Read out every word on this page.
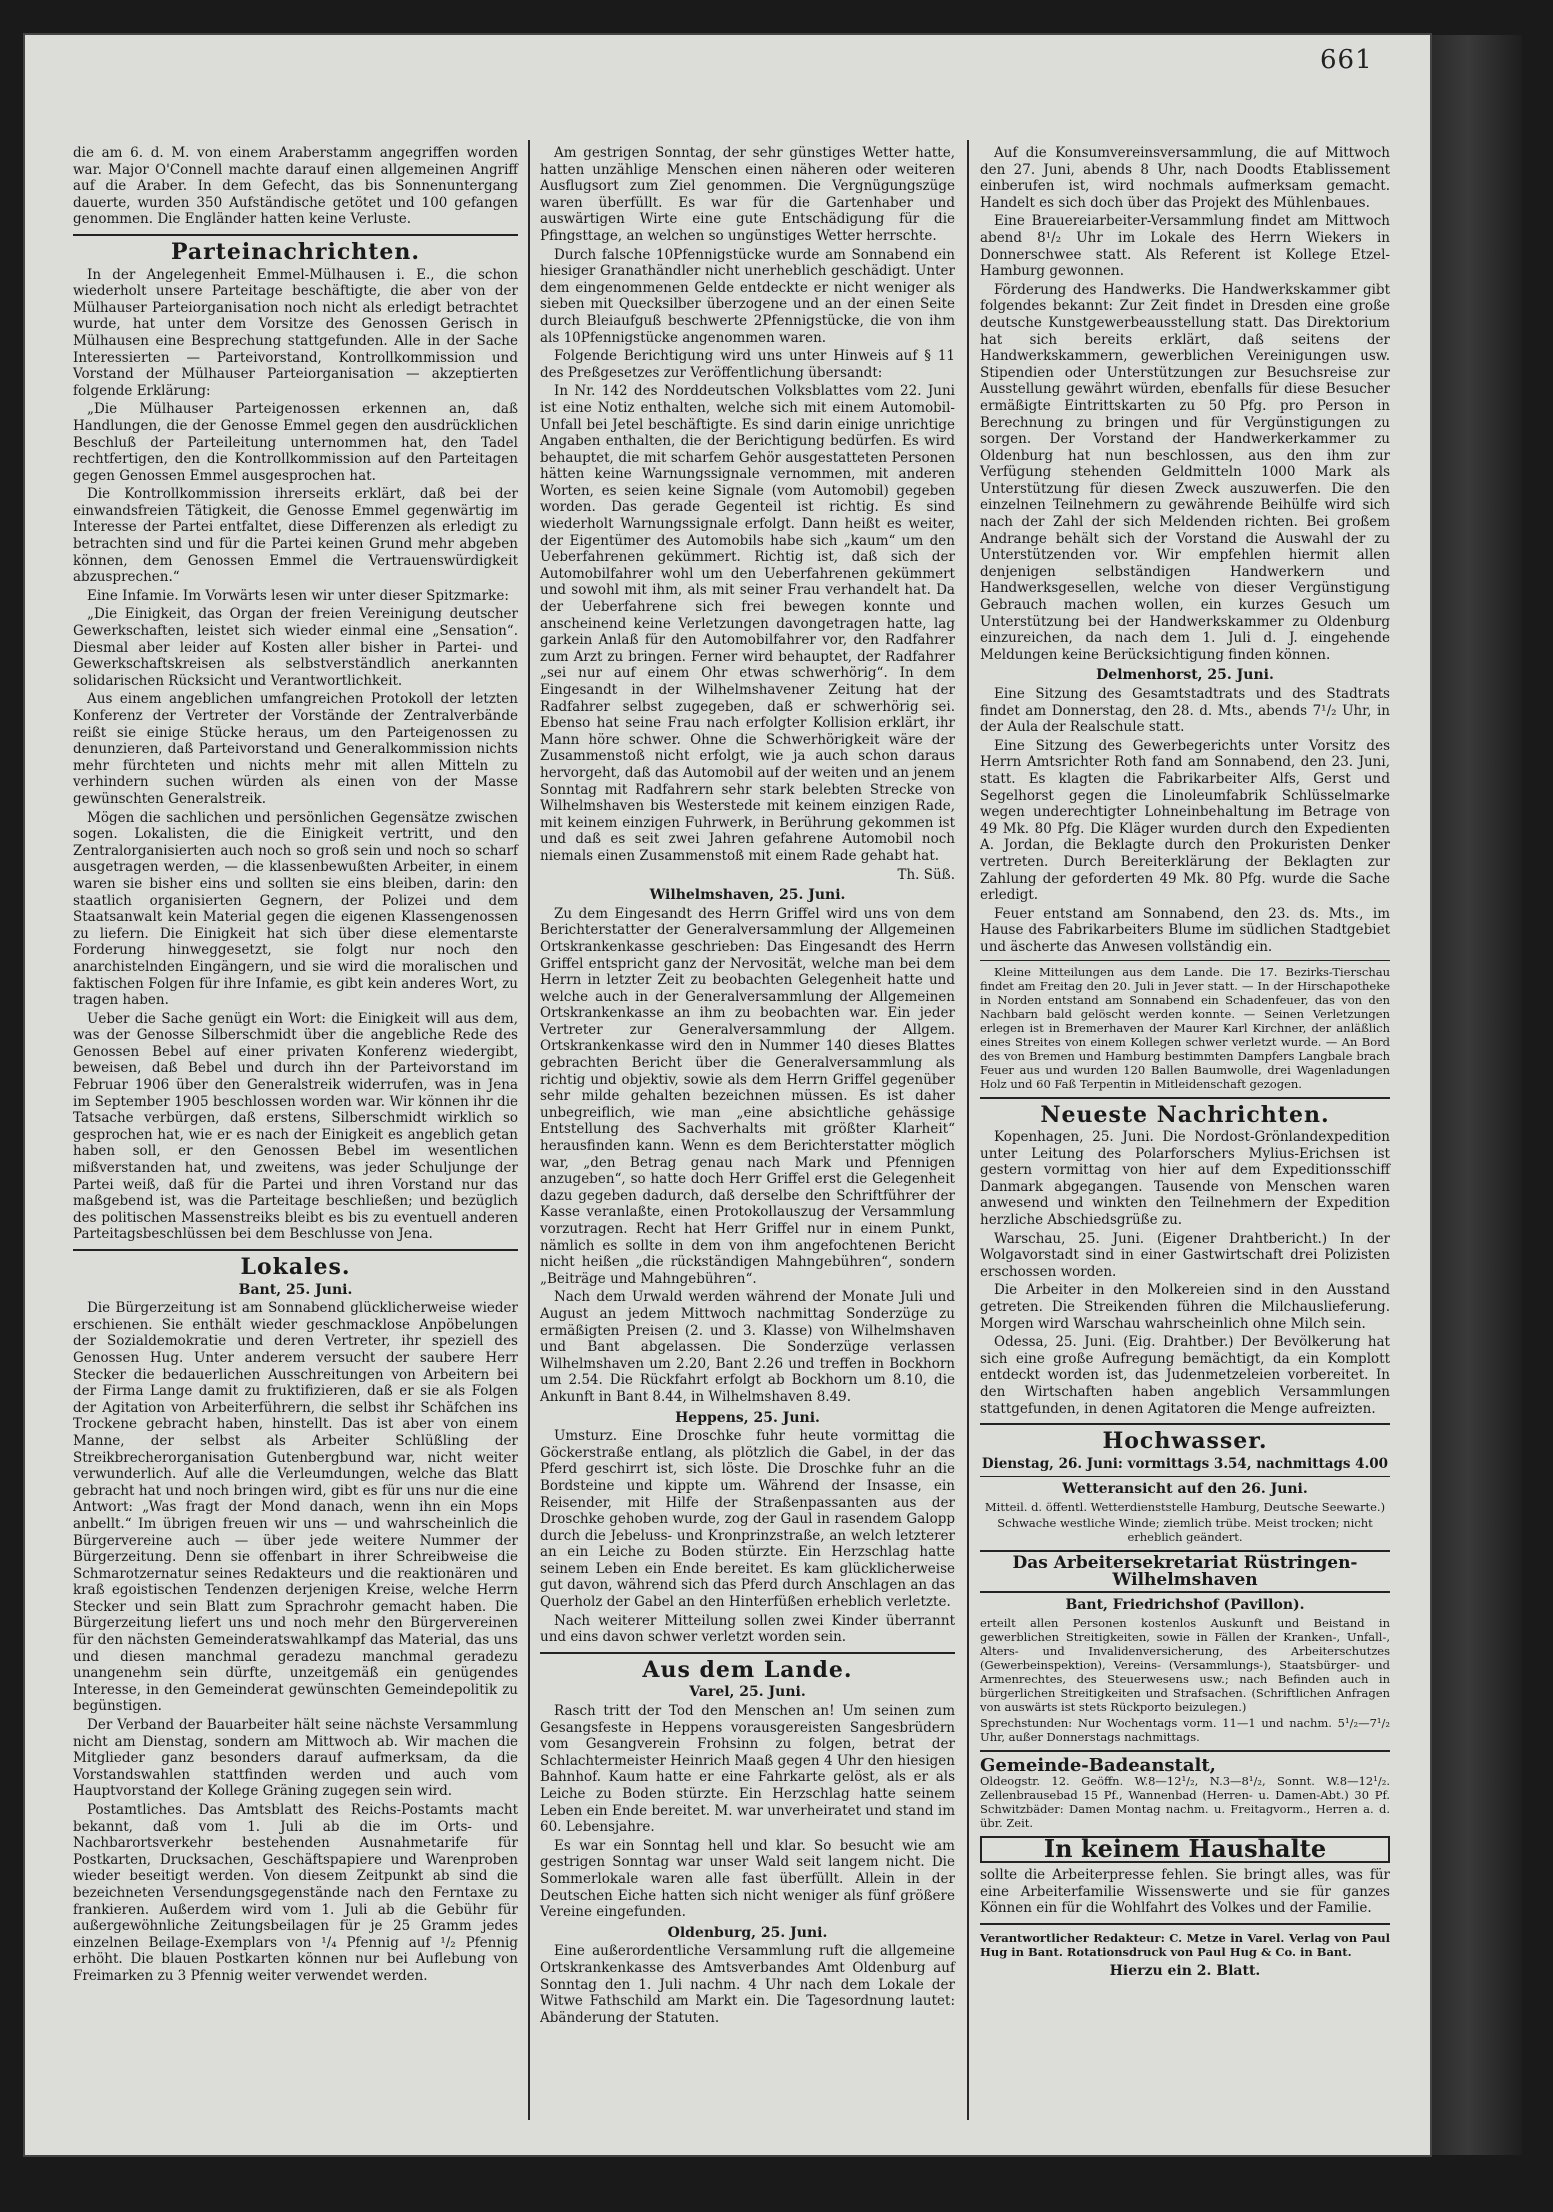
die am 6. d. M. von einem Araberstamm angegriffen worden war. Major O'Connell machte darauf einen allgemeinen Angriff auf die Araber. In dem Gefecht, das bis Sonnenuntergang dauerte, wurden 350 Aufständische getötet und 100 gefangen genommen. Die Engländer hatten keine Verluste.

Parteinachrichten.

In der Angelegenheit Emmel-Mülhausen i. E., die schon wiederholt unsere Parteitage beschäftigte, die aber von der Mülhauser Parteiorganisation noch nicht als erledigt betrachtet wurde, hat unter dem Vorsitze des Genossen Gerisch in Mülhausen eine Besprechung stattgefunden. Alle in der Sache Interessierten — Parteivorstand, Kontrollkommission und Vorstand der Mülhauser Parteiorganisation — akzeptierten folgende Erklärung:

„Die Mülhauser Parteigenossen erkennen an, daß Handlungen, die der Genosse Emmel gegen den ausdrücklichen Beschluß der Parteileitung unternommen hat, den Tadel rechtfertigen, den die Kontrollkommission auf den Parteitagen gegen Genossen Emmel ausgesprochen hat.

Die Kontrollkommission ihrerseits erklärt, daß bei der einwandsfreien Tätigkeit, die Genosse Emmel gegenwärtig im Interesse der Partei entfaltet, diese Differenzen als erledigt zu betrachten sind und für die Partei keinen Grund mehr abgeben können, dem Genossen Emmel die Vertrauenswürdigkeit abzusprechen.“

Eine Infamie. Im Vorwärts lesen wir unter dieser Spitzmarke:

„Die Einigkeit, das Organ der freien Vereinigung deutscher Gewerkschaften, leistet sich wieder einmal eine „Sensation“. Diesmal aber leider auf Kosten aller bisher in Partei- und Gewerkschaftskreisen als selbstverständlich anerkannten solidarischen Rücksicht und Verantwortlichkeit.

Aus einem angeblichen umfangreichen Protokoll der letzten Konferenz der Vertreter der Vorstände der Zentralverbände reißt sie einige Stücke heraus, um den Parteigenossen zu denunzieren, daß Parteivorstand und Generalkommission nichts mehr fürchteten und nichts mehr mit allen Mitteln zu verhindern suchen würden als einen von der Masse gewünschten Generalstreik.

Mögen die sachlichen und persönlichen Gegensätze zwischen sogen. Lokalisten, die die Einigkeit vertritt, und den Zentralorganisierten auch noch so groß sein und noch so scharf ausgetragen werden, — die klassenbewußten Arbeiter, in einem waren sie bisher eins und sollten sie eins bleiben, darin: den staatlich organisierten Gegnern, der Polizei und dem Staatsanwalt kein Material gegen die eigenen Klassengenossen zu liefern. Die Einigkeit hat sich über diese elementarste Forderung hinweggesetzt, sie folgt nur noch den anarchistelnden Eingängern, und sie wird die moralischen und faktischen Folgen für ihre Infamie, es gibt kein anderes Wort, zu tragen haben.

Ueber die Sache genügt ein Wort: die Einigkeit will aus dem, was der Genosse Silberschmidt über die angebliche Rede des Genossen Bebel auf einer privaten Konferenz wiedergibt, beweisen, daß Bebel und durch ihn der Parteivorstand im Februar 1906 über den Generalstreik widerrufen, was in Jena im September 1905 beschlossen worden war. Wir können ihr die Tatsache verbürgen, daß erstens, Silberschmidt wirklich so gesprochen hat, wie er es nach der Einigkeit es angeblich getan haben soll, er den Genossen Bebel im wesentlichen mißverstanden hat, und zweitens, was jeder Schuljunge der Partei weiß, daß für die Partei und ihren Vorstand nur das maßgebend ist, was die Parteitage beschließen; und bezüglich des politischen Massenstreiks bleibt es bis zu eventuell anderen Parteitagsbeschlüssen bei dem Beschlusse von Jena.

Lokales.
Bant, 25. Juni.

Die Bürgerzeitung ist am Sonnabend glücklicherweise wieder erschienen. Sie enthält wieder geschmacklose Anpöbelungen der Sozialdemokratie und deren Vertreter, ihr speziell des Genossen Hug. Unter anderem versucht der saubere Herr Stecker die bedauerlichen Ausschreitungen von Arbeitern bei der Firma Lange damit zu fruktifizieren, daß er sie als Folgen der Agitation von Arbeiterführern, die selbst ihr Schäfchen ins Trockene gebracht haben, hinstellt. Das ist aber von einem Manne, der selbst als Arbeiter Schlüßling der Streikbrecherorganisation Gutenbergbund war, nicht weiter verwunderlich. Auf alle die Verleumdungen, welche das Blatt gebracht hat und noch bringen wird, gibt es für uns nur die eine Antwort: „Was fragt der Mond danach, wenn ihn ein Mops anbellt.“ Im übrigen freuen wir uns — und wahrscheinlich die Bürgervereine auch — über jede weitere Nummer der Bürgerzeitung. Denn sie offenbart in ihrer Schreibweise die Schmarotzernatur seines Redakteurs und die reaktionären und kraß egoistischen Tendenzen derjenigen Kreise, welche Herrn Stecker und sein Blatt zum Sprachrohr gemacht haben. Die Bürgerzeitung liefert uns und noch mehr den Bürgervereinen für den nächsten Gemeinderatswahlkampf das Material, das uns und diesen manchmal geradezu manchmal geradezu unangenehm sein dürfte, unzeitgemäß ein genügendes Interesse, in den Gemeinderat gewünschten Gemeindepolitik zu begünstigen.

Der Verband der Bauarbeiter hält seine nächste Versammlung nicht am Dienstag, sondern am Mittwoch ab. Wir machen die Mitglieder ganz besonders darauf aufmerksam, da die Vorstandswahlen stattfinden werden und auch vom Hauptvorstand der Kollege Gräning zugegen sein wird.

Postamtliches. Das Amtsblatt des Reichs-Postamts macht bekannt, daß vom 1. Juli ab die im Orts- und Nachbarortsverkehr bestehenden Ausnahmetarife für Postkarten, Drucksachen, Geschäftspapiere und Warenproben wieder beseitigt werden. Von diesem Zeitpunkt ab sind die bezeichneten Versendungsgegenstände nach den Ferntaxe zu frankieren. Außerdem wird vom 1. Juli ab die Gebühr für außergewöhnliche Zeitungsbeilagen für je 25 Gramm jedes einzelnen Beilage-Exemplars von ¹/₄ Pfennig auf ¹/₂ Pfennig erhöht. Die blauen Postkarten können nur bei Auflebung von Freimarken zu 3 Pfennig weiter verwendet werden.

Am gestrigen Sonntag, der sehr günstiges Wetter hatte, hatten unzählige Menschen einen näheren oder weiteren Ausflugsort zum Ziel genommen. Die Vergnügungszüge waren überfüllt. Es war für die Gartenhaber und auswärtigen Wirte eine gute Entschädigung für die Pfingsttage, an welchen so ungünstiges Wetter herrschte.

Durch falsche 10Pfennigstücke wurde am Sonnabend ein hiesiger Granathändler nicht unerheblich geschädigt. Unter dem eingenommenen Gelde entdeckte er nicht weniger als sieben mit Quecksilber überzogene und an der einen Seite durch Bleiaufguß beschwerte 2Pfennigstücke, die von ihm als 10Pfennigstücke angenommen waren.

Folgende Berichtigung wird uns unter Hinweis auf § 11 des Preßgesetzes zur Veröffentlichung übersandt:

In Nr. 142 des Norddeutschen Volksblattes vom 22. Juni ist eine Notiz enthalten, welche sich mit einem Automobil-Unfall bei Jetel beschäftigte. Es sind darin einige unrichtige Angaben enthalten, die der Berichtigung bedürfen. Es wird behauptet, die mit scharfem Gehör ausgestatteten Personen hätten keine Warnungssignale vernommen, mit anderen Worten, es seien keine Signale (vom Automobil) gegeben worden. Das gerade Gegenteil ist richtig. Es sind wiederholt Warnungssignale erfolgt. Dann heißt es weiter, der Eigentümer des Automobils habe sich „kaum“ um den Ueberfahrenen gekümmert. Richtig ist, daß sich der Automobilfahrer wohl um den Ueberfahrenen gekümmert und sowohl mit ihm, als mit seiner Frau verhandelt hat. Da der Ueberfahrene sich frei bewegen konnte und anscheinend keine Verletzungen davongetragen hatte, lag garkein Anlaß für den Automobilfahrer vor, den Radfahrer zum Arzt zu bringen. Ferner wird behauptet, der Radfahrer „sei nur auf einem Ohr etwas schwerhörig“. In dem Eingesandt in der Wilhelmshavener Zeitung hat der Radfahrer selbst zugegeben, daß er schwerhörig sei. Ebenso hat seine Frau nach erfolgter Kollision erklärt, ihr Mann höre schwer. Ohne die Schwerhörigkeit wäre der Zusammenstoß nicht erfolgt, wie ja auch schon daraus hervorgeht, daß das Automobil auf der weiten und an jenem Sonntag mit Radfahrern sehr stark belebten Strecke von Wilhelmshaven bis Westerstede mit keinem einzigen Rade, mit keinem einzigen Fuhrwerk, in Berührung gekommen ist und daß es seit zwei Jahren gefahrene Automobil noch niemals einen Zusammenstoß mit einem Rade gehabt hat.

Th. Süß.
Wilhelmshaven, 25. Juni.

Zu dem Eingesandt des Herrn Griffel wird uns von dem Berichterstatter der Generalversammlung der Allgemeinen Ortskrankenkasse geschrieben: Das Eingesandt des Herrn Griffel entspricht ganz der Nervosität, welche man bei dem Herrn in letzter Zeit zu beobachten Gelegenheit hatte und welche auch in der Generalversammlung der Allgemeinen Ortskrankenkasse an ihm zu beobachten war. Ein jeder Vertreter zur Generalversammlung der Allgem. Ortskrankenkasse wird den in Nummer 140 dieses Blattes gebrachten Bericht über die Generalversammlung als richtig und objektiv, sowie als dem Herrn Griffel gegenüber sehr milde gehalten bezeichnen müssen. Es ist daher unbegreiflich, wie man „eine absichtliche gehässige Entstellung des Sachverhalts mit größter Klarheit“ herausfinden kann. Wenn es dem Berichterstatter möglich war, „den Betrag genau nach Mark und Pfennigen anzugeben“, so hatte doch Herr Griffel erst die Gelegenheit dazu gegeben dadurch, daß derselbe den Schriftführer der Kasse veranlaßte, einen Protokollauszug der Versammlung vorzutragen. Recht hat Herr Griffel nur in einem Punkt, nämlich es sollte in dem von ihm angefochtenen Bericht nicht heißen „die rückständigen Mahngebühren“, sondern „Beiträge und Mahngebühren“.

Nach dem Urwald werden während der Monate Juli und August an jedem Mittwoch nachmittag Sonderzüge zu ermäßigten Preisen (2. und 3. Klasse) von Wilhelmshaven und Bant abgelassen. Die Sonderzüge verlassen Wilhelmshaven um 2.20, Bant 2.26 und treffen in Bockhorn um 2.54. Die Rückfahrt erfolgt ab Bockhorn um 8.10, die Ankunft in Bant 8.44, in Wilhelmshaven 8.49.

Heppens, 25. Juni.

Umsturz. Eine Droschke fuhr heute vormittag die Göckerstraße entlang, als plötzlich die Gabel, in der das Pferd geschirrt ist, sich löste. Die Droschke fuhr an die Bordsteine und kippte um. Während der Insasse, ein Reisender, mit Hilfe der Straßenpassanten aus der Droschke gehoben wurde, zog der Gaul in rasendem Galopp durch die Jebeluss- und Kronprinzstraße, an welch letzterer an ein Leiche zu Boden stürzte. Ein Herzschlag hatte seinem Leben ein Ende bereitet. Es kam glücklicherweise gut davon, während sich das Pferd durch Anschlagen an das Querholz der Gabel an den Hinterfüßen erheblich verletzte.

Nach weiterer Mitteilung sollen zwei Kinder überrannt und eins davon schwer verletzt worden sein.

Aus dem Lande.
Varel, 25. Juni.

Rasch tritt der Tod den Menschen an! Um seinen zum Gesangsfeste in Heppens vorausgereisten Sangesbrüdern vom Gesangverein Frohsinn zu folgen, betrat der Schlachtermeister Heinrich Maaß gegen 4 Uhr den hiesigen Bahnhof. Kaum hatte er eine Fahrkarte gelöst, als er als Leiche zu Boden stürzte. Ein Herzschlag hatte seinem Leben ein Ende bereitet. M. war unverheiratet und stand im 60. Lebensjahre.

Es war ein Sonntag hell und klar. So besucht wie am gestrigen Sonntag war unser Wald seit langem nicht. Die Sommerlokale waren alle fast überfüllt. Allein in der Deutschen Eiche hatten sich nicht weniger als fünf größere Vereine eingefunden.

Oldenburg, 25. Juni.

Eine außerordentliche Versammlung ruft die allgemeine Ortskrankenkasse des Amtsverbandes Amt Oldenburg auf Sonntag den 1. Juli nachm. 4 Uhr nach dem Lokale der Witwe Fathschild am Markt ein. Die Tagesordnung lautet: Abänderung der Statuten.

Auf die Konsumvereinsversammlung, die auf Mittwoch den 27. Juni, abends 8 Uhr, nach Doodts Etablissement einberufen ist, wird nochmals aufmerksam gemacht. Handelt es sich doch über das Projekt des Mühlenbaues.

Eine Brauereiarbeiter-Versammlung findet am Mittwoch abend 8¹/₂ Uhr im Lokale des Herrn Wiekers in Donnerschwee statt. Als Referent ist Kollege Etzel-Hamburg gewonnen.

Förderung des Handwerks. Die Handwerkskammer gibt folgendes bekannt: Zur Zeit findet in Dresden eine große deutsche Kunstgewerbeausstellung statt. Das Direktorium hat sich bereits erklärt, daß seitens der Handwerkskammern, gewerblichen Vereinigungen usw. Stipendien oder Unterstützungen zur Besuchsreise zur Ausstellung gewährt würden, ebenfalls für diese Besucher ermäßigte Eintrittskarten zu 50 Pfg. pro Person in Berechnung zu bringen und für Vergünstigungen zu sorgen. Der Vorstand der Handwerkerkammer zu Oldenburg hat nun beschlossen, aus den ihm zur Verfügung stehenden Geldmitteln 1000 Mark als Unterstützung für diesen Zweck auszuwerfen. Die den einzelnen Teilnehmern zu gewährende Beihülfe wird sich nach der Zahl der sich Meldenden richten. Bei großem Andrange behält sich der Vorstand die Auswahl der zu Unterstützenden vor. Wir empfehlen hiermit allen denjenigen selbständigen Handwerkern und Handwerksgesellen, welche von dieser Vergünstigung Gebrauch machen wollen, ein kurzes Gesuch um Unterstützung bei der Handwerkskammer zu Oldenburg einzureichen, da nach dem 1. Juli d. J. eingehende Meldungen keine Berücksichtigung finden können.

Delmenhorst, 25. Juni.

Eine Sitzung des Gesamtstadtrats und des Stadtrats findet am Donnerstag, den 28. d. Mts., abends 7¹/₂ Uhr, in der Aula der Realschule statt.

Eine Sitzung des Gewerbegerichts unter Vorsitz des Herrn Amtsrichter Roth fand am Sonnabend, den 23. Juni, statt. Es klagten die Fabrikarbeiter Alfs, Gerst und Segelhorst gegen die Linoleumfabrik Schlüsselmarke wegen underechtigter Lohneinbehaltung im Betrage von 49 Mk. 80 Pfg. Die Kläger wurden durch den Expedienten A. Jordan, die Beklagte durch den Prokuristen Denker vertreten. Durch Bereiterklärung der Beklagten zur Zahlung der geforderten 49 Mk. 80 Pfg. wurde die Sache erledigt.

Feuer entstand am Sonnabend, den 23. ds. Mts., im Hause des Fabrikarbeiters Blume im südlichen Stadtgebiet und äscherte das Anwesen vollständig ein.

Kleine Mitteilungen aus dem Lande. Die 17. Bezirks-Tierschau findet am Freitag den 20. Juli in Jever statt. — In der Hirschapotheke in Norden entstand am Sonnabend ein Schadenfeuer, das von den Nachbarn bald gelöscht werden konnte. — Seinen Verletzungen erlegen ist in Bremerhaven der Maurer Karl Kirchner, der anläßlich eines Streites von einem Kollegen schwer verletzt wurde. — An Bord des von Bremen und Hamburg bestimmten Dampfers Langbale brach Feuer aus und wurden 120 Ballen Baumwolle, drei Wagenladungen Holz und 60 Faß Terpentin in Mitleidenschaft gezogen.

Neueste Nachrichten.

Kopenhagen, 25. Juni. Die Nordost-Grönlandexpedition unter Leitung des Polarforschers Mylius-Erichsen ist gestern vormittag von hier auf dem Expeditionsschiff Danmark abgegangen. Tausende von Menschen waren anwesend und winkten den Teilnehmern der Expedition herzliche Abschiedsgrüße zu.

Warschau, 25. Juni. (Eigener Drahtbericht.) In der Wolgavorstadt sind in einer Gastwirtschaft drei Polizisten erschossen worden.

Die Arbeiter in den Molkereien sind in den Ausstand getreten. Die Streikenden führen die Milchauslieferung. Morgen wird Warschau wahrscheinlich ohne Milch sein.

Odessa, 25. Juni. (Eig. Drahtber.) Der Bevölkerung hat sich eine große Aufregung bemächtigt, da ein Komplott entdeckt worden ist, das Judenmetzeleien vorbereitet. In den Wirtschaften haben angeblich Versammlungen stattgefunden, in denen Agitatoren die Menge aufreizten.

Hochwasser.

Dienstag, 26. Juni: vormittags 3.54, nachmittags 4.00

Wetteransicht auf den 26. Juni.

Mitteil. d. öffentl. Wetterdienststelle Hamburg, Deutsche Seewarte.)

Schwache westliche Winde; ziemlich trübe. Meist trocken; nicht erheblich geändert.

Das Arbeitersekretariat Rüstringen-Wilhelmshaven
Bant, Friedrichshof (Pavillon).

erteilt allen Personen kostenlos Auskunft und Beistand in gewerblichen Streitigkeiten, sowie in Fällen der Kranken-, Unfall-, Alters- und Invalidenversicherung, des Arbeiterschutzes (Gewerbeinspektion), Vereins- (Versammlungs-), Staatsbürger- und Armenrechtes, des Steuerwesens usw.; nach Befinden auch in bürgerlichen Streitigkeiten und Strafsachen. (Schriftlichen Anfragen von auswärts ist stets Rückporto beizulegen.)

Sprechstunden: Nur Wochentags vorm. 11—1 und nachm. 5¹/₂—7¹/₂ Uhr, außer Donnerstags nachmittags.

Gemeinde-Badeanstalt,

Oldeogstr. 12. Geöffn. W.8—12¹/₂, N.3—8¹/₂, Sonnt. W.8—12¹/₂. Zellenbrausebad 15 Pf., Wannenbad (Herren- u. Damen-Abt.) 30 Pf. Schwitzbäder: Damen Montag nachm. u. Freitagvorm., Herren a. d. übr. Zeit.

In keinem Haushalte

sollte die Arbeiterpresse fehlen. Sie bringt alles, was für eine Arbeiterfamilie Wissenswerte und sie für ganzes Können ein für die Wohlfahrt des Volkes und der Familie.

Verantwortlicher Redakteur: C. Metze in Varel. Verlag von Paul Hug in Bant. Rotationsdruck von Paul Hug & Co. in Bant.

Hierzu ein 2. Blatt.
661
